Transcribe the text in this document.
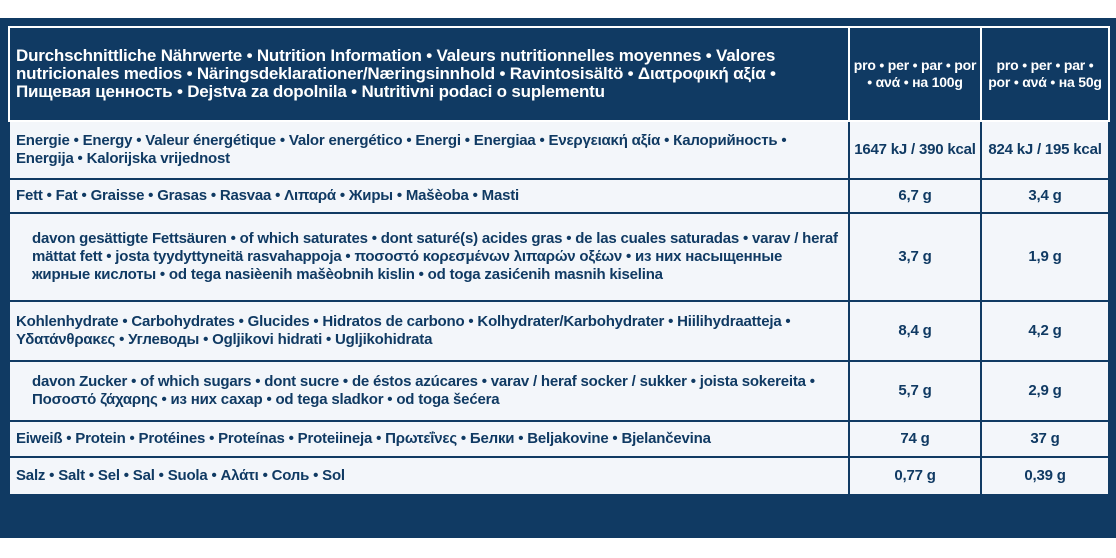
Durchschnittliche Nährwerte • Nutrition Information • Valeurs nutritionnelles moyennes • Valores nutricionales medios • Näringsdeklarationer/Næringsinnhold • Ravintosisältö • Διατροφική αξία • Пищевая ценность • Dejstva za dopolnila • Nutritivni podaci o suplementu	pro • per • par • por • ανά • на 100g	pro • per • par • por • ανά • на 50g
Energie • Energy • Valeur énergétique • Valor energético • Energi • Energiaa • Ενεργειακή αξία • Калорийность • Energija • Kalorijska vrijednost	1647 kJ / 390 kcal	824 kJ / 195 kcal
Fett • Fat • Graisse • Grasas • Rasvaa • Λιπαρά • Жиры • Mašèoba • Masti	6,7 g	3,4 g
davon gesättigte Fettsäuren • of which saturates • dont saturé(s) acides gras • de las cuales saturadas • varav / heraf mättat fett • josta tyydyttyneitä rasvahappoja • ποσοστό κορεσμένων λιπαρών οξέων • из них насыщенные жирные кислоты • od tega nasièenih mašèobnih kislin • od toga zasićenih masnih kiselina	3,7 g	1,9 g
Kohlenhydrate • Carbohydrates • Glucides • Hidratos de carbono • Kolhydrater/Karbohydrater • Hiilihydraatteja • Υδατάνθρακες • Углеводы • Ogljikovi hidrati • Ugljikohidrata	8,4 g	4,2 g
davon Zucker • of which sugars • dont sucre • de éstos azúcares • varav / heraf socker / sukker • joista sokereita • Ποσοστό ζάχαρης • из них сахар • od tega sladkor • od toga šećera	5,7 g	2,9 g
Eiweiß • Protein • Protéines • Proteínas • Proteiineja • Πρωτεΐνες • Белки • Beljakovine • Bjelančevina	74 g	37 g
Salz • Salt • Sel • Sal • Suola • Αλάτι • Соль • Sol	0,77 g	0,39 g
